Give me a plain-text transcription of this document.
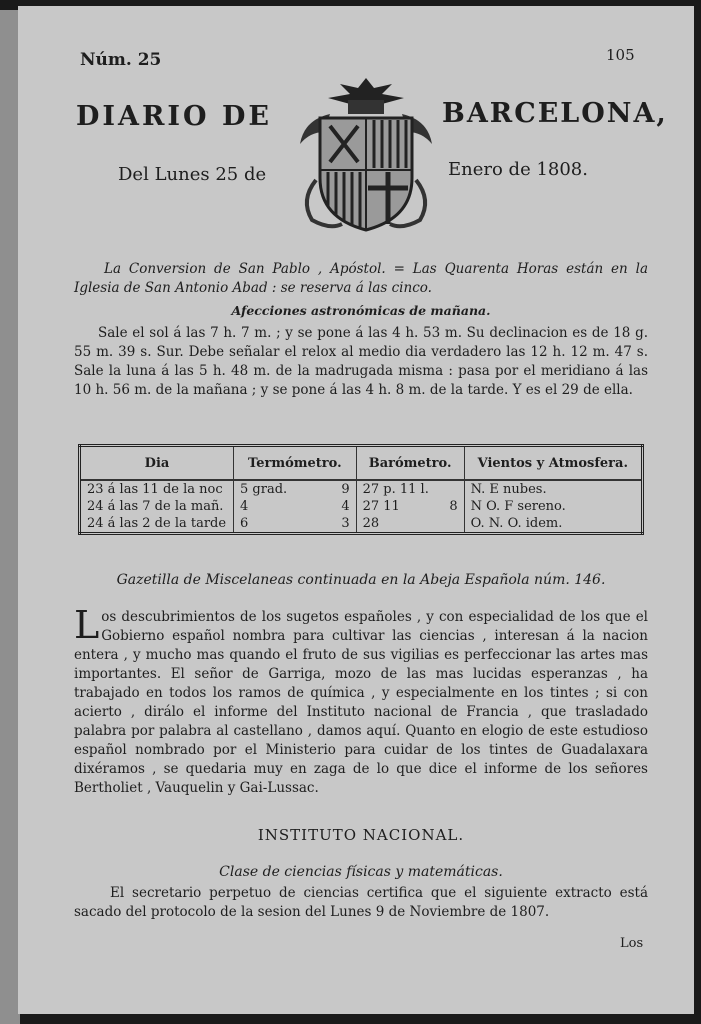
Núm. 25	105
DIARIO DE	BARCELONA,
Del Lunes 25 de	Enero de 1808.
La Conversion de San Pablo , Apóstol. = Las Quarenta Horas están en la Iglesia de San Antonio Abad : se reserva á las cinco.
Afecciones astronómicas de mañana.
Sale el sol á las 7 h. 7 m. ; y se pone á las 4 h. 53 m. Su declinacion es de 18 g. 55 m. 39 s. Sur. Debe señalar el relox al medio dia verdadero las 12 h. 12 m. 47 s. Sale la luna á las 5 h. 48 m. de la madrugada misma : pasa por el meridiano á las 10 h. 56 m. de la mañana ; y se pone á las 4 h. 8 m. de la tarde. Y es el 29 de ella.
Dia	Termómetro.		Barómetro.		Vientos y Atmosfera.
23 á las 11 de la noc	5 grad.	9	27 p. 11 l.		N. E nubes.
24 á las 7 de la mañ.	4	4	27 11	8	N O. F sereno.
24 á las 2 de la tarde	6	3	28		O. N. O. idem.
Gazetilla de Miscelaneas continuada en la Abeja Española núm. 146.
Los descubrimientos de los sugetos españoles , y con especialidad de los que el Gobierno español nombra para cultivar las ciencias , interesan á la nacion entera , y mucho mas quando el fruto de sus vigilias es perfeccionar las artes mas importantes. El señor de Garriga, mozo de las mas lucidas esperanzas , ha trabajado en todos los ramos de química , y especialmente en los tintes ; si con acierto , dirálo el informe del Instituto nacional de Francia , que trasladado palabra por palabra al castellano , damos aquí. Quanto en elogio de este estudioso español nombrado por el Ministerio para cuidar de los tintes de Guadalaxara dixéramos , se quedaria muy en zaga de lo que dice el informe de los señores Bertholiet , Vauquelin y Gai-Lussac.
INSTITUTO NACIONAL.
Clase de ciencias físicas y matemáticas.
El secretario perpetuo de ciencias certifica que el siguiente extracto está sacado del protocolo de la sesion del Lunes 9 de Noviembre de 1807.
Los
